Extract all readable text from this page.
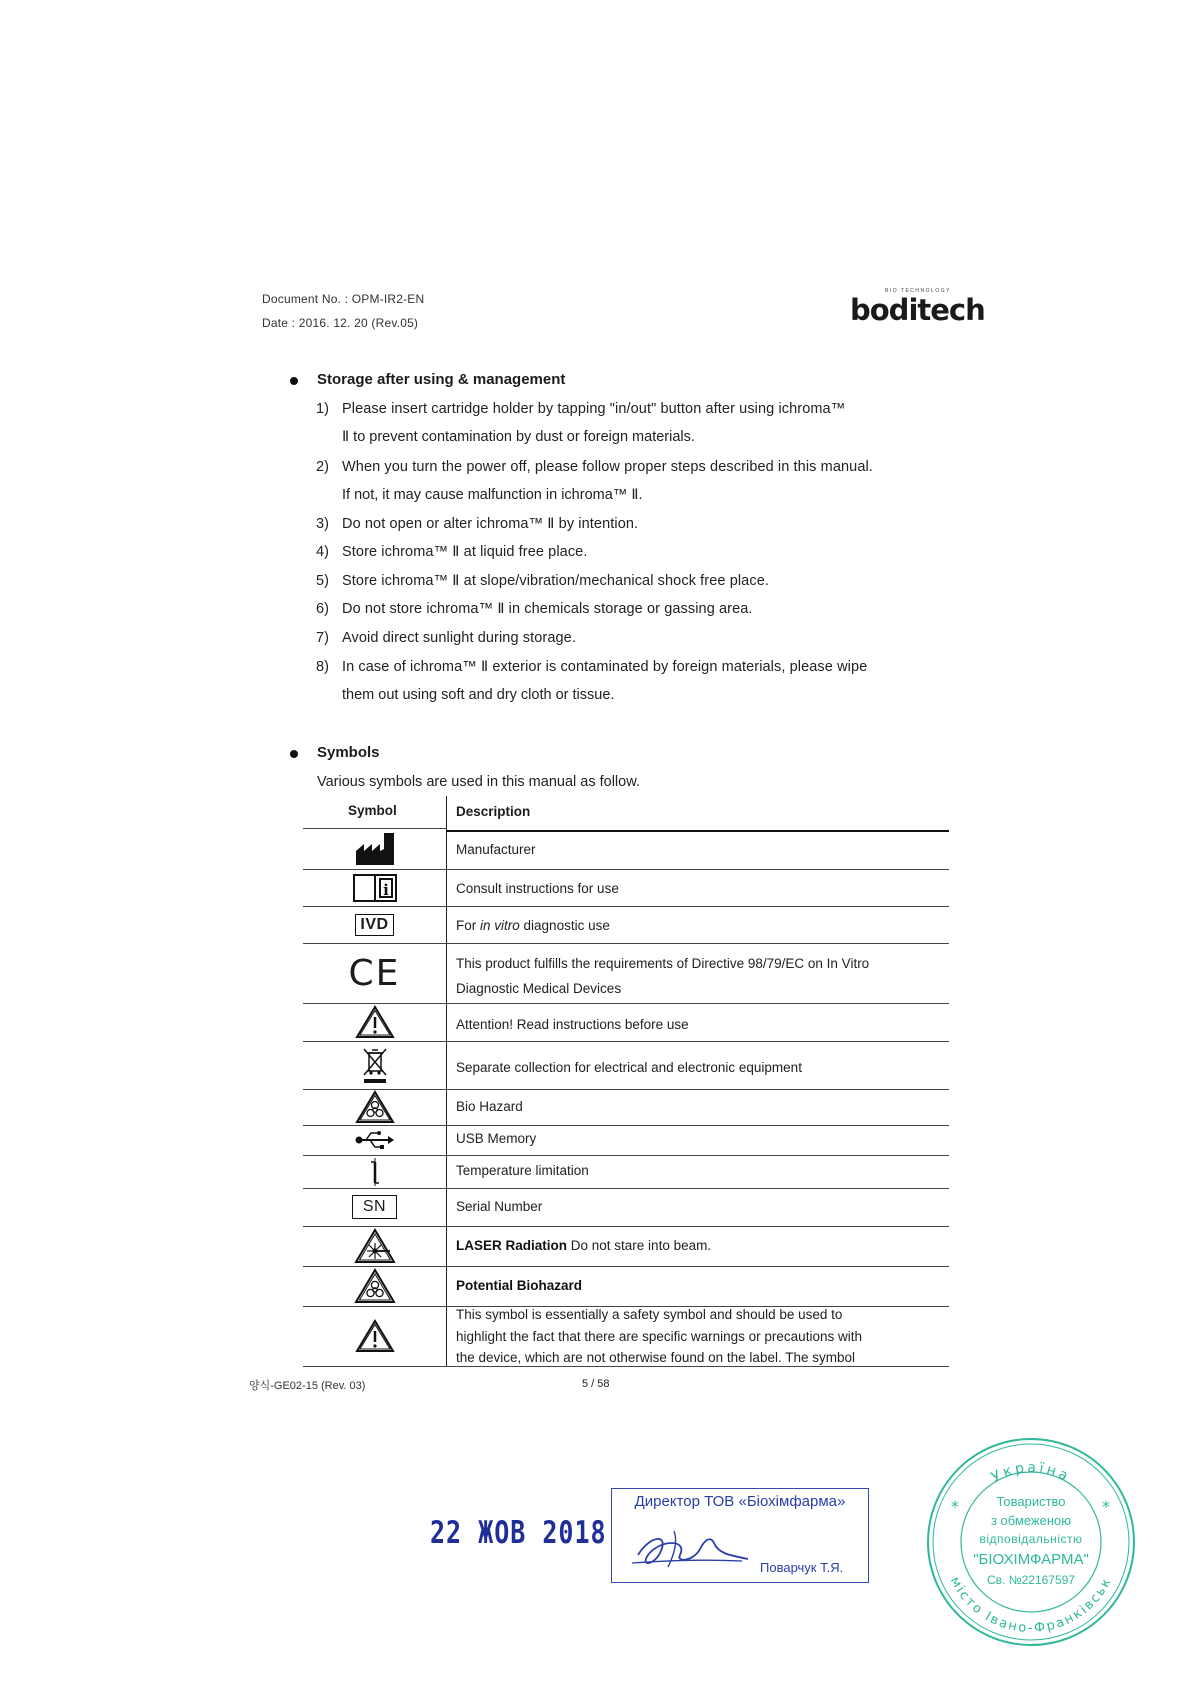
Document No. : OPM-IR2-EN
Date : 2016. 12. 20 (Rev.05)
BIO TECHNOLOGY
boditech
Storage after using & management
1) Please insert cartridge holder by tapping "in/out" button after using ichroma™
Ⅱ to prevent contamination by dust or foreign materials.
2) When you turn the power off, please follow proper steps described in this manual.
If not, it may cause malfunction in ichroma™ Ⅱ.
3) Do not open or alter ichroma™ Ⅱ by intention.
4) Store ichroma™ Ⅱ at liquid free place.
5) Store ichroma™ Ⅱ at slope/vibration/mechanical shock free place.
6) Do not store ichroma™ Ⅱ in chemicals storage or gassing area.
7) Avoid direct sunlight during storage.
8) In case of ichroma™ Ⅱ exterior is contaminated by foreign materials, please wipe
them out using soft and dry cloth or tissue.
Symbols
Various symbols are used in this manual as follow.
Symbol	Description
Manufacturer
i	Consult instructions for use
IVD	For in vitro diagnostic use
CE	This product fulfills the requirements of Directive 98/79/EC on In Vitro
Diagnostic Medical Devices
Attention! Read instructions before use
Separate collection for electrical and electronic equipment
Bio Hazard
USB Memory
Temperature limitation
SN	Serial Number
LASER Radiation Do not stare into beam.
Potential Biohazard
This symbol is essentially a safety symbol and should be used to
highlight the fact that there are specific warnings or precautions with
the device, which are not otherwise found on the label. The symbol
양식-GE02-15 (Rev. 03)	5 / 58
22 ЖОВ 2018
Директор ТОВ «Біохімфарма»
Поварчук Т.Я.
Україна
місто Івано-Франківськ
*	*
Товариство
з обмеженою
відповідальністю
"БІОХІМФАРМА"
Св. №22167597
